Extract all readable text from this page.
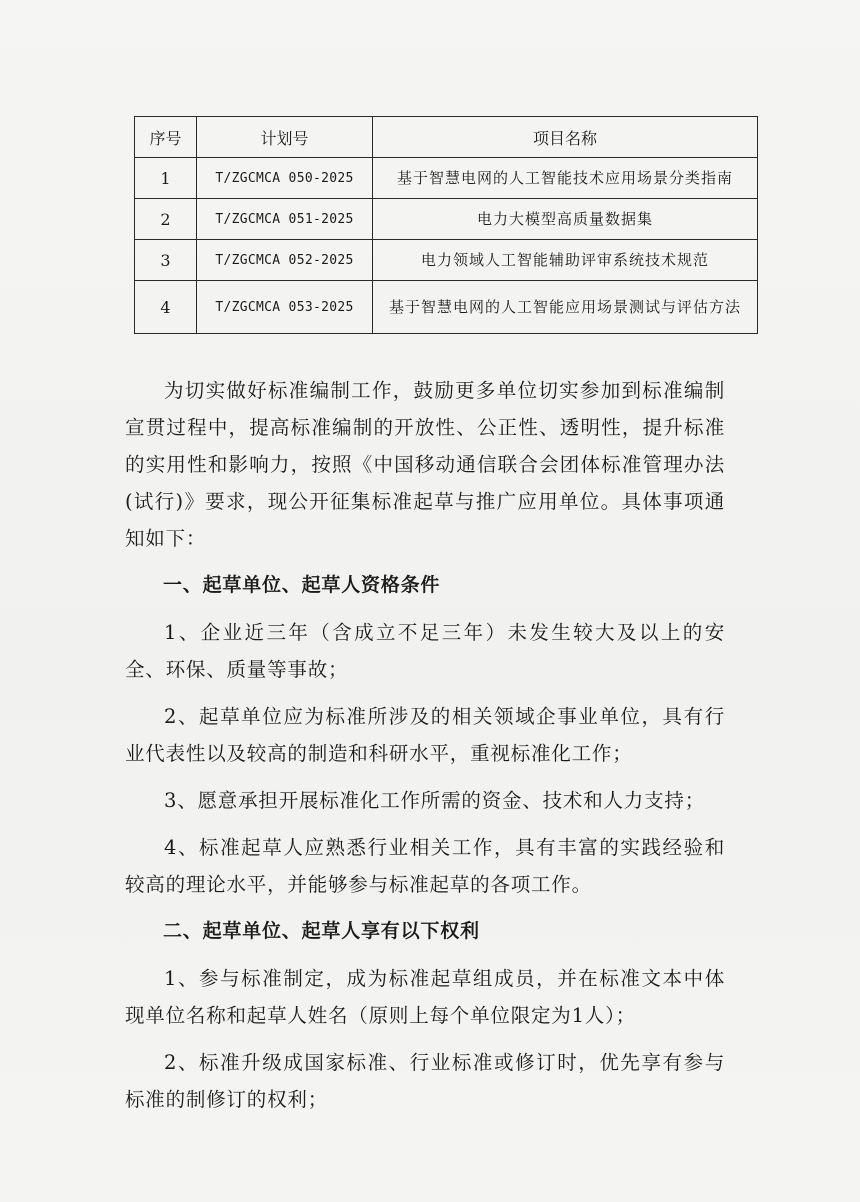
序号	计划号	项目名称
1	T/ZGCMCA 050-2025	基于智慧电网的人工智能技术应用场景分类指南
2	T/ZGCMCA 051-2025	电力大模型高质量数据集
3	T/ZGCMCA 052-2025	电力领域人工智能辅助评审系统技术规范
4	T/ZGCMCA 053-2025	基于智慧电网的人工智能应用场景测试与评估方法

为切实做好标准编制工作，鼓励更多单位切实参加到标准编制宣贯过程中，提高标准编制的开放性、公正性、透明性，提升标准的实用性和影响力，按照《中国移动通信联合会团体标准管理办法(试行)》要求，现公开征集标准起草与推广应用单位。具体事项通知如下：

一、起草单位、起草人资格条件

1、企业近三年（含成立不足三年）未发生较大及以上的安全、环保、质量等事故；

2、起草单位应为标准所涉及的相关领域企事业单位，具有行业代表性以及较高的制造和科研水平，重视标准化工作；

3、愿意承担开展标准化工作所需的资金、技术和人力支持；

4、标准起草人应熟悉行业相关工作，具有丰富的实践经验和较高的理论水平，并能够参与标准起草的各项工作。

二、起草单位、起草人享有以下权利

1、参与标准制定，成为标准起草组成员，并在标准文本中体现单位名称和起草人姓名（原则上每个单位限定为1人）；

2、标准升级成国家标准、行业标准或修订时，优先享有参与标准的制修订的权利；
